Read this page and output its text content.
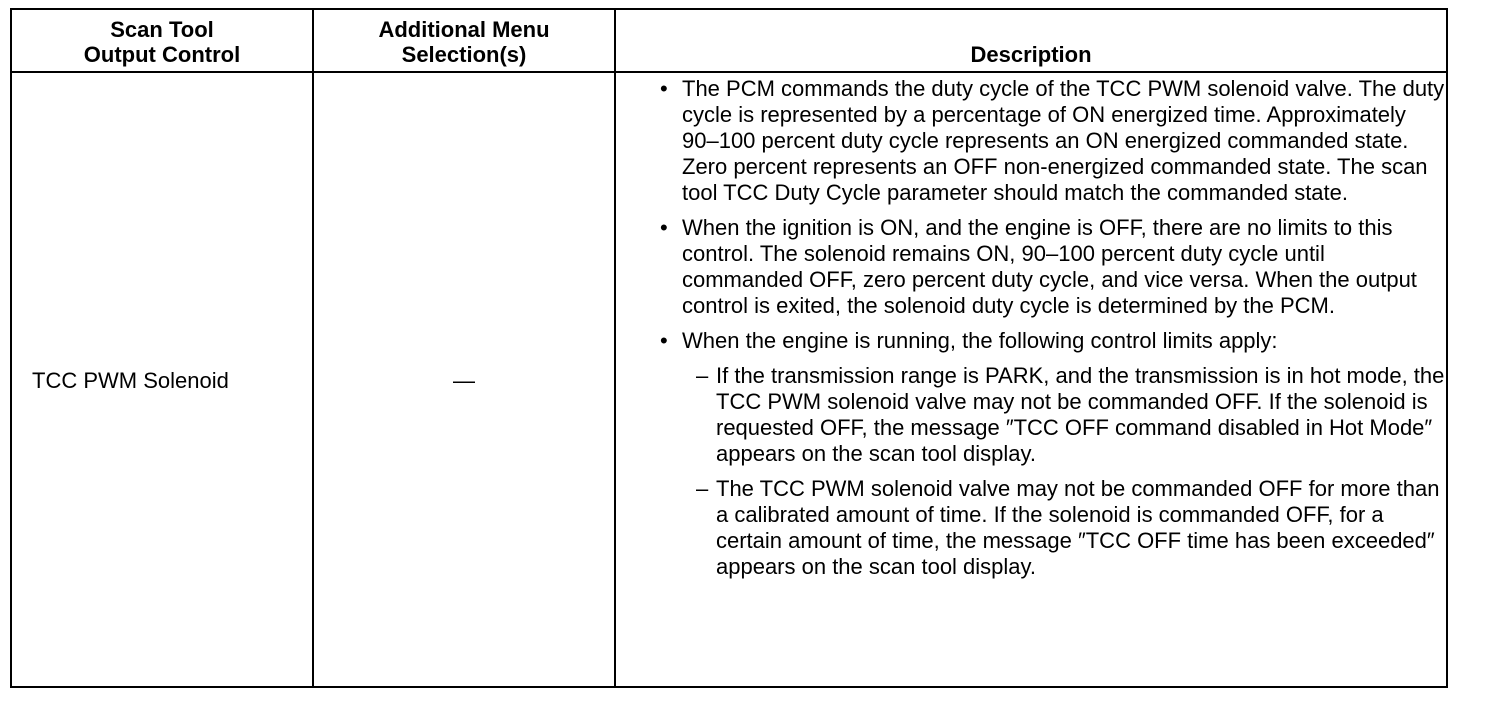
Scan Tool
Output Control
Additional Menu
Selection(s)	Description
TCC PWM Solenoid	—
• The PCM commands the duty cycle of the TCC PWM solenoid valve. The duty cycle is represented by a percentage of ON energized time. Approximately 90–100 percent duty cycle represents an ON energized commanded state. Zero percent represents an OFF non-energized commanded state. The scan tool TCC Duty Cycle parameter should match the commanded state.
• When the ignition is ON, and the engine is OFF, there are no limits to this control. The solenoid remains ON, 90–100 percent duty cycle until commanded OFF, zero percent duty cycle, and vice versa. When the output control is exited, the solenoid duty cycle is determined by the PCM.
• When the engine is running, the following control limits apply:
– If the transmission range is PARK, and the transmission is in hot mode, the TCC PWM solenoid valve may not be commanded OFF. If the solenoid is requested OFF, the message ″TCC OFF command disabled in Hot Mode″ appears on the scan tool display.
– The TCC PWM solenoid valve may not be commanded OFF for more than a calibrated amount of time. If the solenoid is commanded OFF, for a certain amount of time, the message ″TCC OFF time has been exceeded″ appears on the scan tool display.
